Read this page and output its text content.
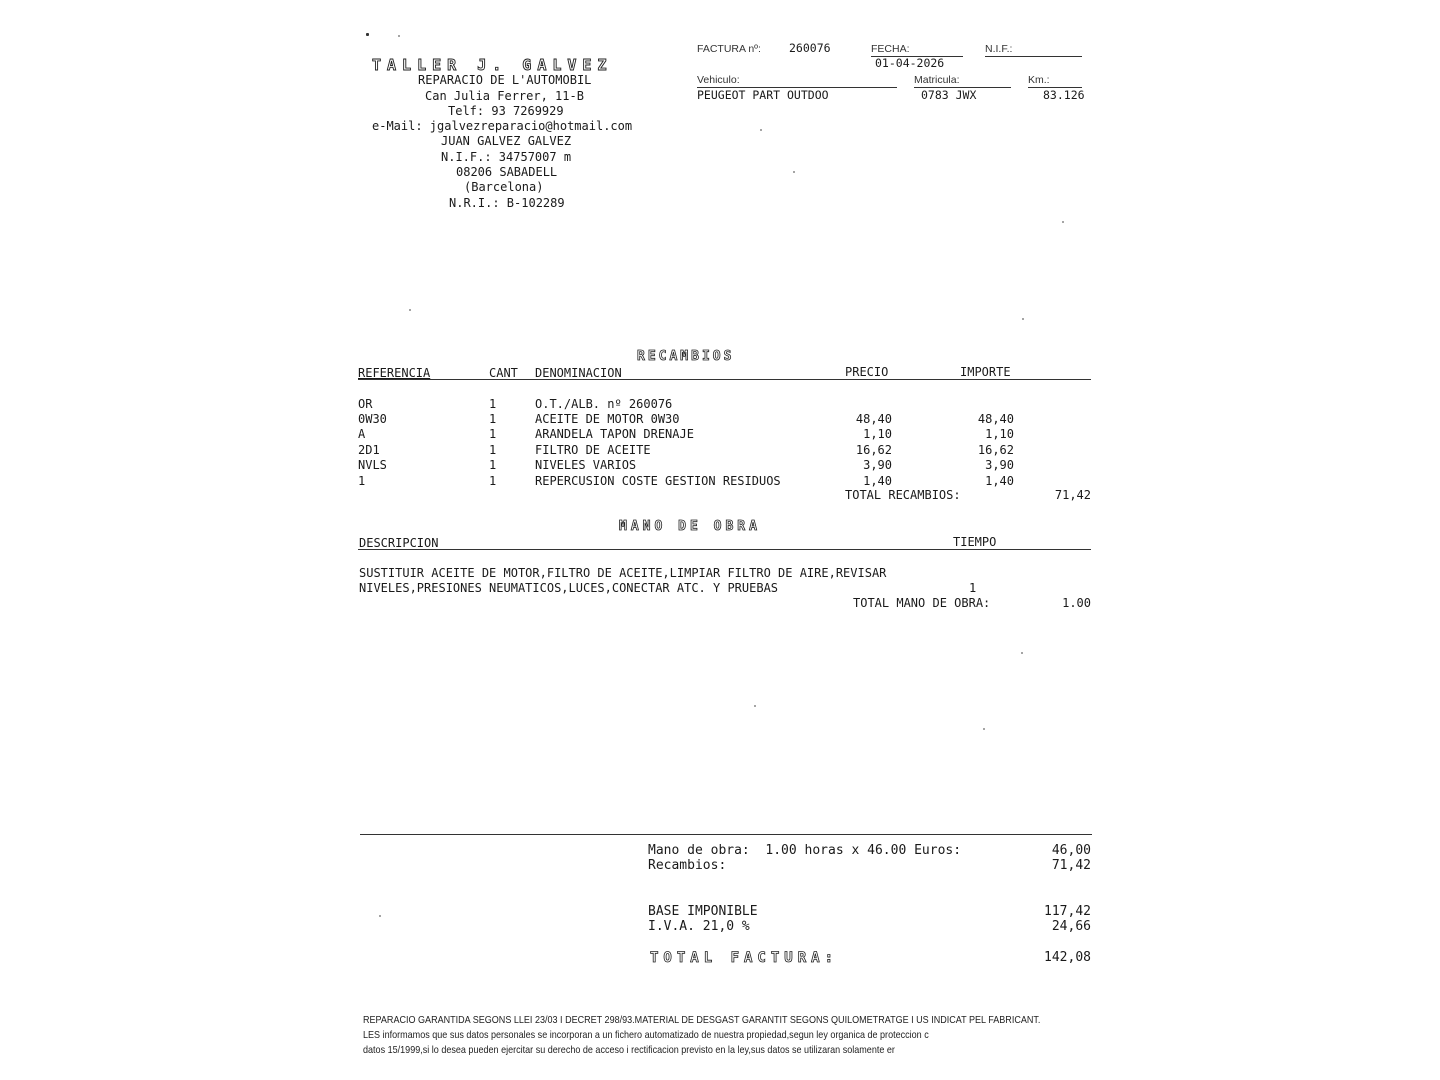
TALLER J. GALVEZ
REPARACIO DE L'AUTOMOBIL
Can Julia Ferrer, 11-B
Telf: 93 7269929
e-Mail: jgalvezreparacio@hotmail.com
JUAN GALVEZ GALVEZ
N.I.F.: 34757007 m
08206 SABADELL
(Barcelona)
N.R.I.: B-102289
FACTURA nº: 260076	FECHA:
01-04-2026
N.I.F.:
Vehiculo:
PEUGEOT PART OUTDOO
Matricula:
0783 JWX
Km.:
83.126
RECAMBIOS
REFERENCIA	CANT DENOMINACION	PRECIO	IMPORTE
OR	1	O.T./ALB. nº 260076
0W30	1	ACEITE DE MOTOR 0W30	48,40	48,40
A	1	ARANDELA TAPON DRENAJE	1,10	1,10
2D1	1	FILTRO DE ACEITE	16,62	16,62
NVLS	1	NIVELES VARIOS	3,90	3,90
1	1	REPERCUSION COSTE GESTION RESIDUOS	1,40	1,40
TOTAL RECAMBIOS:	71,42
MANO DE OBRA
DESCRIPCION	TIEMPO
SUSTITUIR ACEITE DE MOTOR,FILTRO DE ACEITE,LIMPIAR FILTRO DE AIRE,REVISAR
NIVELES,PRESIONES NEUMATICOS,LUCES,CONECTAR ATC. Y PRUEBAS	1
TOTAL MANO DE OBRA:	1.00
Mano de obra:  1.00 horas x 46.00 Euros:	46,00
Recambios:	71,42
BASE IMPONIBLE	117,42
I.V.A. 21,0 %	24,66
TOTAL FACTURA:	142,08
REPARACIO GARANTIDA SEGONS LLEI 23/03 I DECRET 298/93.MATERIAL DE DESGAST GARANTIT SEGONS QUILOMETRATGE I US INDICAT PEL FABRICANT.
LES informamos que sus datos personales se incorporan a un fichero automatizado de nuestra propiedad,segun ley organica de proteccion c
datos 15/1999,si lo desea pueden ejercitar su derecho de acceso i rectificacion previsto en la ley,sus datos se utilizaran solamente er
